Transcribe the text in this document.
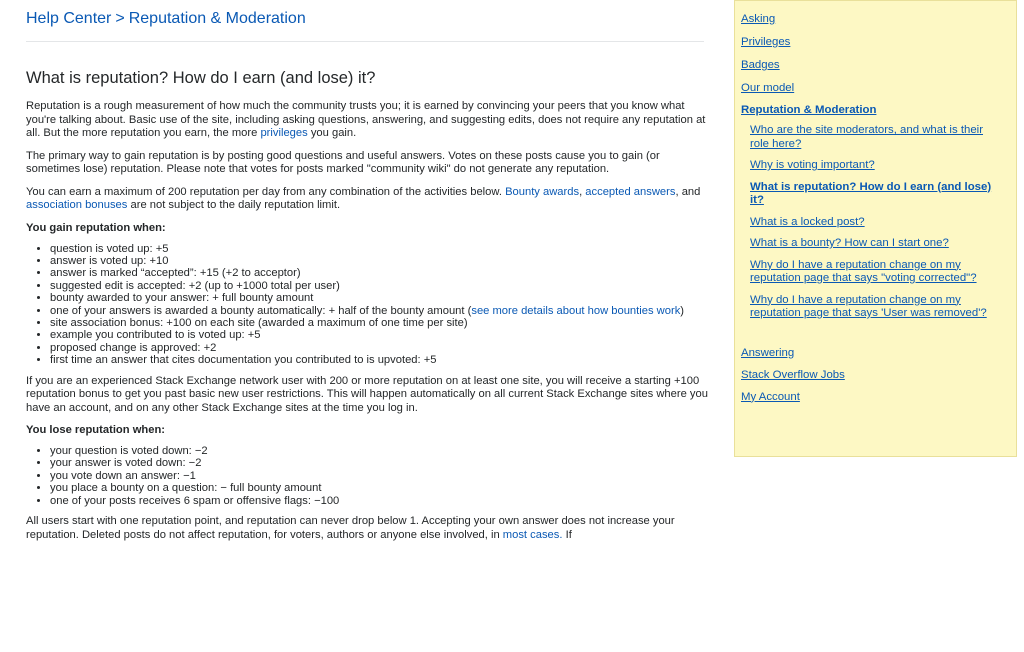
Help Center > Reputation & Moderation
What is reputation? How do I earn (and lose) it?

Reputation is a rough measurement of how much the community trusts you; it is earned by convincing your peers that you know what you're talking about. Basic use of the site, including asking questions, answering, and suggesting edits, does not require any reputation at all. But the more reputation you earn, the more privileges you gain.

The primary way to gain reputation is by posting good questions and useful answers. Votes on these posts cause you to gain (or sometimes lose) reputation. Please note that votes for posts marked "community wiki" do not generate any reputation.

You can earn a maximum of 200 reputation per day from any combination of the activities below. Bounty awards, accepted answers, and association bonuses are not subject to the daily reputation limit.

You gain reputation when:
• question is voted up: +5
• answer is voted up: +10
• answer is marked “accepted”: +15 (+2 to acceptor)
• suggested edit is accepted: +2 (up to +1000 total per user)
• bounty awarded to your answer: + full bounty amount
• one of your answers is awarded a bounty automatically: + half of the bounty amount (see more details about how bounties work)
• site association bonus: +100 on each site (awarded a maximum of one time per site)
• example you contributed to is voted up: +5
• proposed change is approved: +2
• first time an answer that cites documentation you contributed to is upvoted: +5

If you are an experienced Stack Exchange network user with 200 or more reputation on at least one site, you will receive a starting +100 reputation bonus to get you past basic new user restrictions. This will happen automatically on all current Stack Exchange sites where you have an account, and on any other Stack Exchange sites at the time you log in.

You lose reputation when:
• your question is voted down: −2
• your answer is voted down: −2
• you vote down an answer: −1
• you place a bounty on a question: − full bounty amount
• one of your posts receives 6 spam or offensive flags: −100

All users start with one reputation point, and reputation can never drop below 1. Accepting your own answer does not increase your reputation. Deleted posts do not affect reputation, for voters, authors or anyone else involved, in most cases. If

Asking
Privileges
Badges
Our model
Reputation & Moderation
Who are the site moderators, and what is their role here?
Why is voting important?
What is reputation? How do I earn (and lose) it?
What is a locked post?
What is a bounty? How can I start one?
Why do I have a reputation change on my reputation page that says "voting corrected"?
Why do I have a reputation change on my reputation page that says 'User was removed'?
Answering
Stack Overflow Jobs
My Account
